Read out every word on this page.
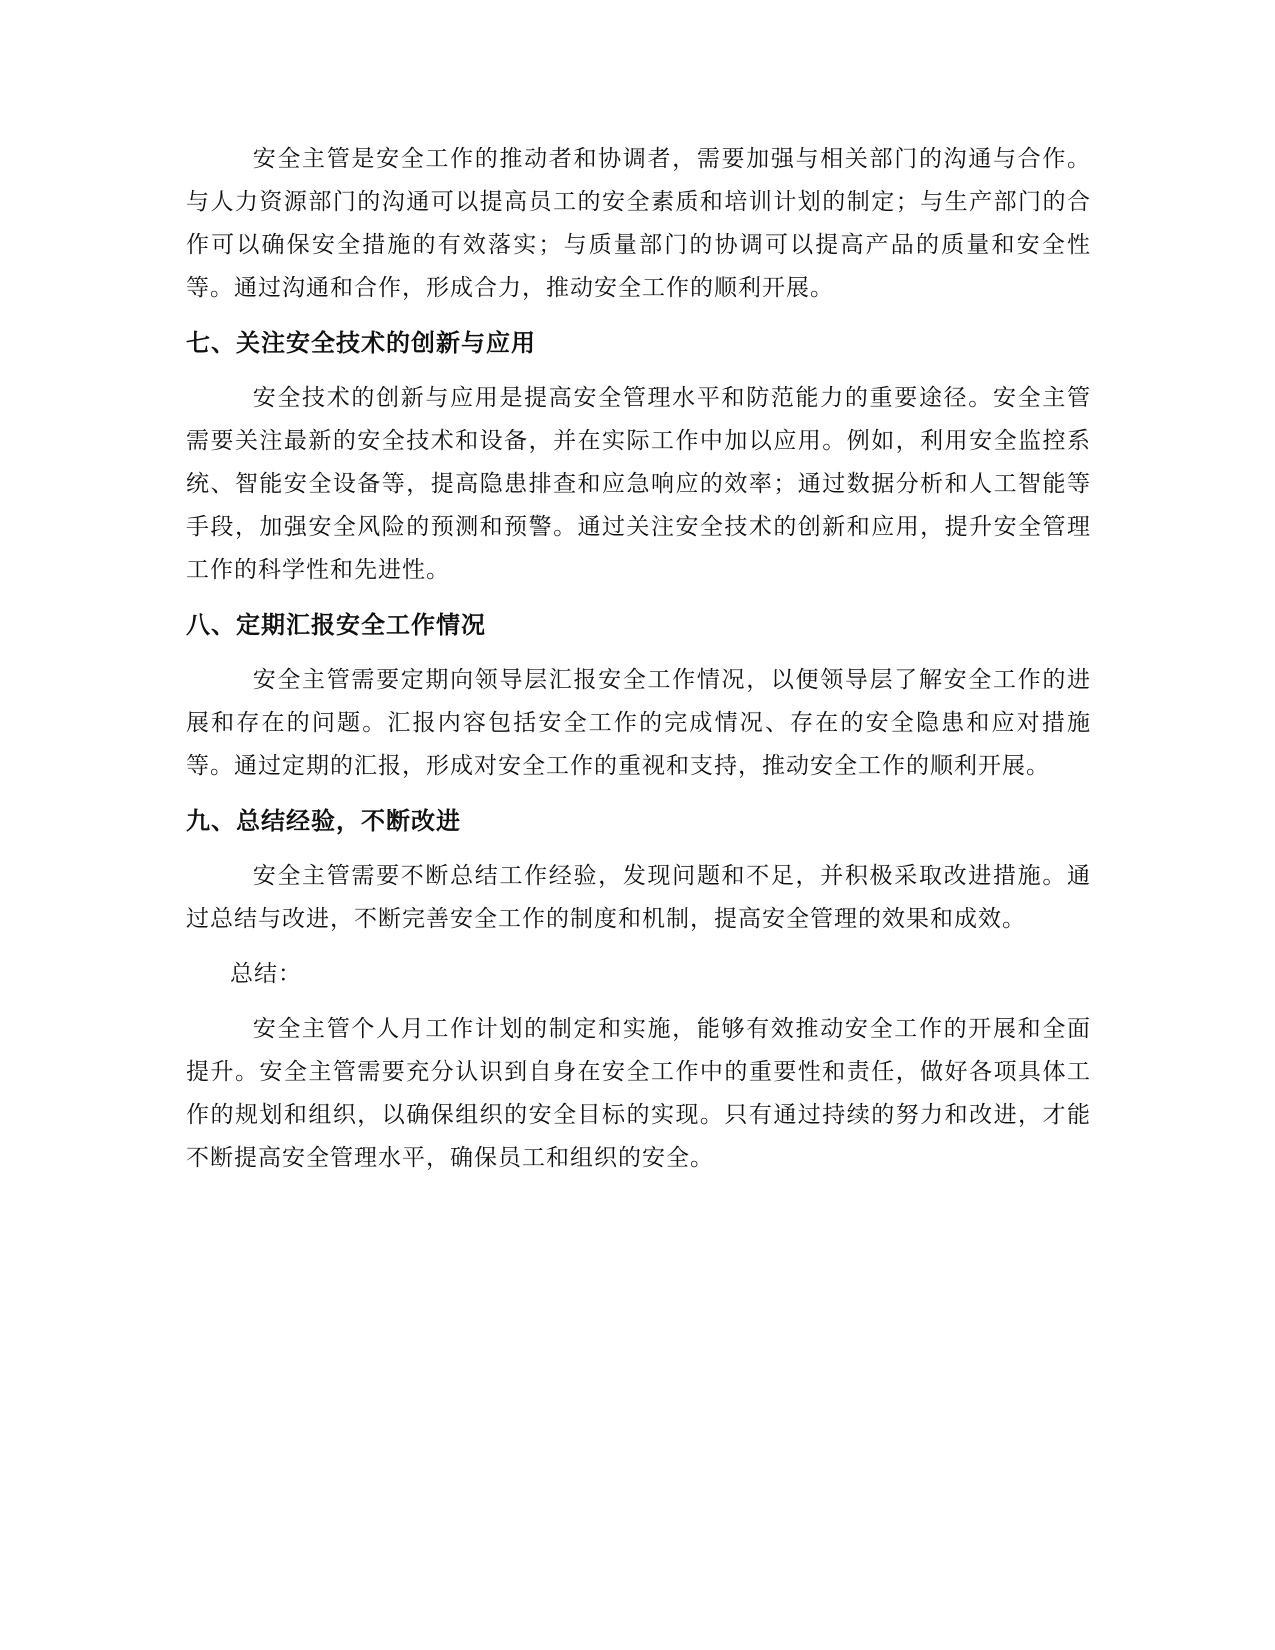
安全主管是安全工作的推动者和协调者，需要加强与相关部门的沟通与合作。与人力资源部门的沟通可以提高员工的安全素质和培训计划的制定；与生产部门的合作可以确保安全措施的有效落实；与质量部门的协调可以提高产品的质量和安全性等。通过沟通和合作，形成合力，推动安全工作的顺利开展。

七、关注安全技术的创新与应用

安全技术的创新与应用是提高安全管理水平和防范能力的重要途径。安全主管需要关注最新的安全技术和设备，并在实际工作中加以应用。例如，利用安全监控系统、智能安全设备等，提高隐患排查和应急响应的效率；通过数据分析和人工智能等手段，加强安全风险的预测和预警。通过关注安全技术的创新和应用，提升安全管理工作的科学性和先进性。

八、定期汇报安全工作情况

安全主管需要定期向领导层汇报安全工作情况，以便领导层了解安全工作的进展和存在的问题。汇报内容包括安全工作的完成情况、存在的安全隐患和应对措施等。通过定期的汇报，形成对安全工作的重视和支持，推动安全工作的顺利开展。

九、总结经验，不断改进

安全主管需要不断总结工作经验，发现问题和不足，并积极采取改进措施。通过总结与改进，不断完善安全工作的制度和机制，提高安全管理的效果和成效。

总结：

安全主管个人月工作计划的制定和实施，能够有效推动安全工作的开展和全面提升。安全主管需要充分认识到自身在安全工作中的重要性和责任，做好各项具体工作的规划和组织，以确保组织的安全目标的实现。只有通过持续的努力和改进，才能不断提高安全管理水平，确保员工和组织的安全。
